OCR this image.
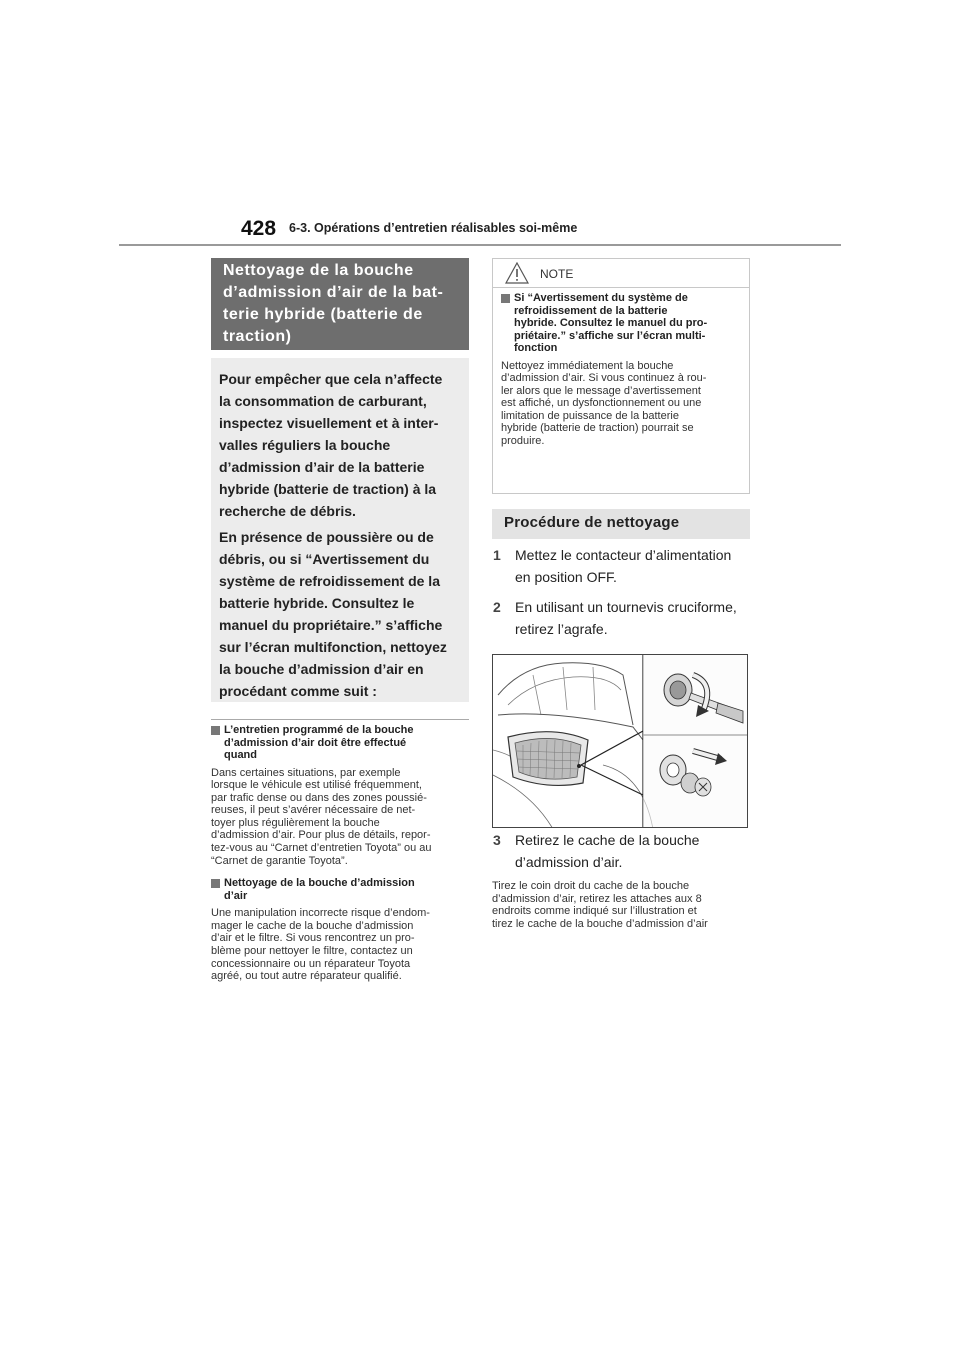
428 6-3. Opérations d’entretien réalisables soi-même
Nettoyage de la bouche
d’admission d’air de la bat-
terie hybride (batterie de
traction)

Pour empêcher que cela n’affecte
la consommation de carburant,
inspectez visuellement et à inter-
valles réguliers la bouche
d’admission d’air de la batterie
hybride (batterie de traction) à la
recherche de débris.

En présence de poussière ou de
débris, ou si “Avertissement du
système de refroidissement de la
batterie hybride. Consultez le
manuel du propriétaire.” s’affiche
sur l’écran multifonction, nettoyez
la bouche d’admission d’air en
procédant comme suit :

L’entretien programmé de la bouche
d’admission d’air doit être effectué
quand

Dans certaines situations, par exemple
lorsque le véhicule est utilisé fréquemment,
par trafic dense ou dans des zones poussié-
reuses, il peut s’avérer nécessaire de net-
toyer plus régulièrement la bouche
d’admission d’air. Pour plus de détails, repor-
tez-vous au “Carnet d’entretien Toyota” ou au
“Carnet de garantie Toyota”.

Nettoyage de la bouche d’admission
d’air

Une manipulation incorrecte risque d’endom-
mager le cache de la bouche d’admission
d’air et le filtre. Si vous rencontrez un pro-
blème pour nettoyer le filtre, contactez un
concessionnaire ou un réparateur Toyota
agréé, ou tout autre réparateur qualifié.

NOTE
Si “Avertissement du système de
refroidissement de la batterie
hybride. Consultez le manuel du pro-
priétaire.” s’affiche sur l’écran multi-
fonction

Nettoyez immédiatement la bouche
d’admission d’air. Si vous continuez à rou-
ler alors que le message d’avertissement
est affiché, un dysfonctionnement ou une
limitation de puissance de la batterie
hybride (batterie de traction) pourrait se
produire.

Procédure de nettoyage
1	Mettez le contacteur d’alimentation
en position OFF.
2	En utilisant un tournevis cruciforme,
retirez l’agrafe.
3	Retirez le cache de la bouche
d’admission d’air.
Tirez le coin droit du cache de la bouche
d’admission d’air, retirez les attaches aux 8
endroits comme indiqué sur l’illustration et
tirez le cache de la bouche d’admission d’air
